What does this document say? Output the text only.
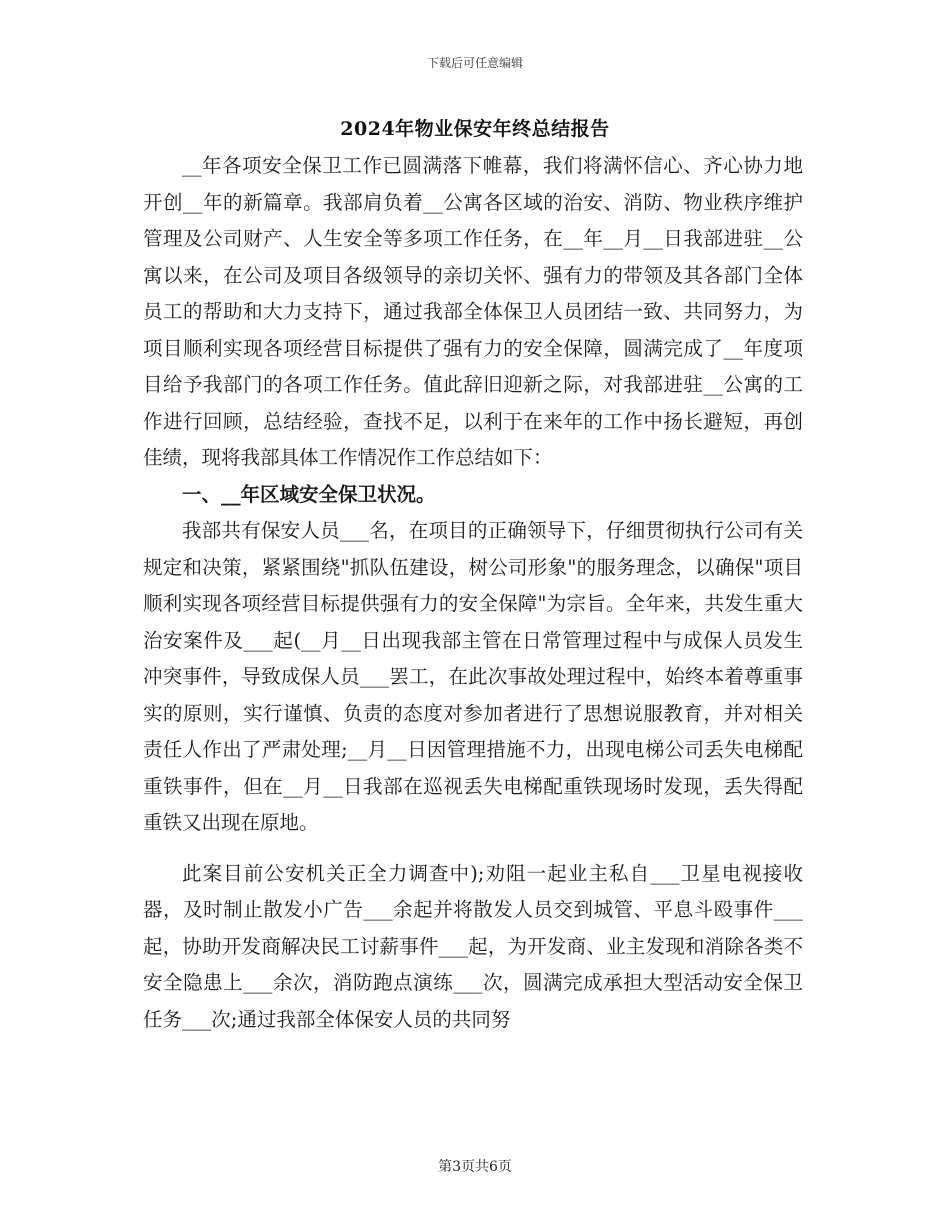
下载后可任意编辑
2024年物业保安年终总结报告

__年各项安全保卫工作已圆满落下帷幕，我们将满怀信心、齐心协力地开创__年的新篇章。我部肩负着__公寓各区域的治安、消防、物业秩序维护管理及公司财产、人生安全等多项工作任务，在__年__月__日我部进驻__公寓以来，在公司及项目各级领导的亲切关怀、强有力的带领及其各部门全体员工的帮助和大力支持下，通过我部全体保卫人员团结一致、共同努力，为项目顺利实现各项经营目标提供了强有力的安全保障，圆满完成了__年度项目给予我部门的各项工作任务。值此辞旧迎新之际，对我部进驻__公寓的工作进行回顾，总结经验，查找不足，以利于在来年的工作中扬长避短，再创佳绩，现将我部具体工作情况作工作总结如下：

一、__年区域安全保卫状况。

我部共有保安人员___名，在项目的正确领导下，仔细贯彻执行公司有关规定和决策，紧紧围绕"抓队伍建设，树公司形象"的服务理念，以确保"项目顺利实现各项经营目标提供强有力的安全保障"为宗旨。全年来，共发生重大治安案件及___起(__月__日出现我部主管在日常管理过程中与成保人员发生冲突事件，导致成保人员___罢工，在此次事故处理过程中，始终本着尊重事实的原则，实行谨慎、负责的态度对参加者进行了思想说服教育，并对相关责任人作出了严肃处理;__月__日因管理措施不力，出现电梯公司丢失电梯配重铁事件，但在__月__日我部在巡视丢失电梯配重铁现场时发现，丢失得配重铁又出现在原地。

此案目前公安机关正全力调查中);劝阻一起业主私自___卫星电视接收器，及时制止散发小广告___余起并将散发人员交到城管、平息斗殴事件___起，协助开发商解决民工讨薪事件___起，为开发商、业主发现和消除各类不安全隐患上___余次，消防跑点演练___次，圆满完成承担大型活动安全保卫任务___次;通过我部全体保安人员的共同努

第3页共6页
